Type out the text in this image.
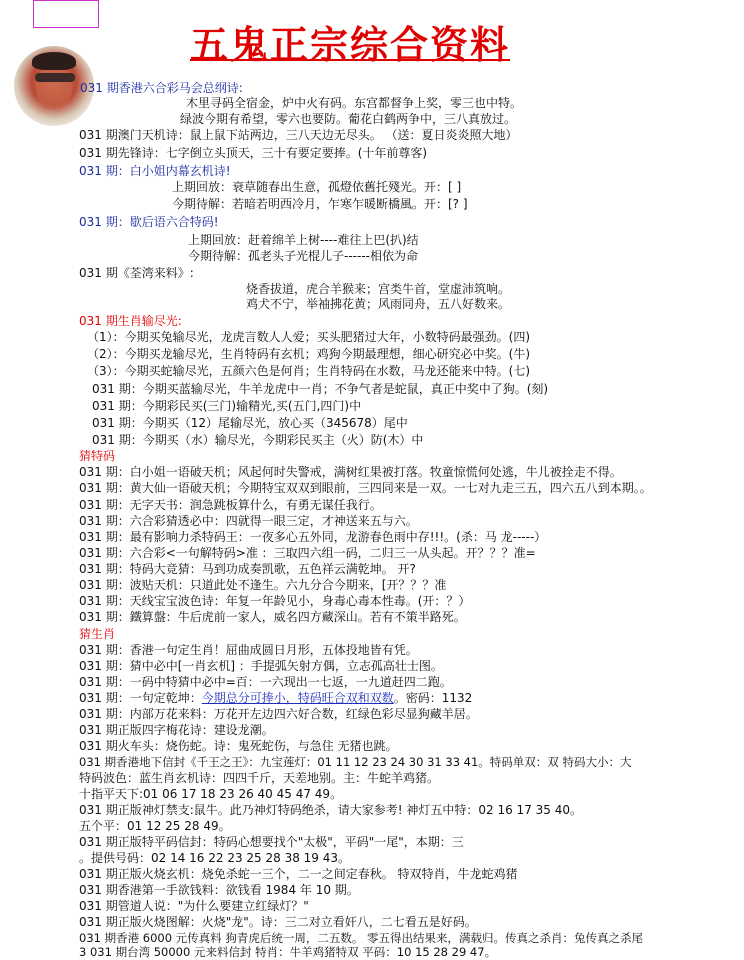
五鬼正宗综合资料
031 期香港六合彩马会总纲诗:
木里寻码全宿金，炉中火有码。东宫都督争上奖，零三也中特。
绿波今期有希望，零六也要防。葡花白鹤两争中，三八真放过。
031 期澳门天机诗：鼠上鼠下站两边，三八天边无尽头。 （送：夏日炎炎照大地）
031 期先锋诗：七字倒立头顶天，三十有要定要捧。(十年前尊客)
031 期：白小姐内幕玄机诗!
上期回放：衰草随春出生意，孤燈依舊托殘光。开：[ ]
今期待解：若暗若明西冷月，乍寒乍暖断橋風。开：[? ]
031 期：歇后语六合特码!
上期回放：赶着绵羊上树----难往上巴(扒)结
今期待解：孤老头子光棍儿子------相依为命
031 期《荃湾来料》:
烧香拔道，虎合羊猴来；宫类牛首，堂虚沛筑响。
鸡犬不宁，举袖拂花黄；风雨同舟，五八好数来。
031 期生肖输尽光:
（1）：今期买兔输尽光，龙虎言数人人爱；买头肥猪过大年，小数特码最强劲。(四)
（2）：今期买龙输尽光，生肖特码有玄机；鸡狗今期最理想，细心研究必中奖。(牛)
（3）：今期买蛇输尽光，五颜六色是何肖；生肖特码在水数，马龙还能来中特。(七)
031 期：今期买蓝输尽光，牛羊龙虎中一肖；不争气者是蛇鼠，真正中奖中了狗。(刻)
031 期：今期彩民买(三门)输精光,买(五门,四门)中
031 期：今期买（12）尾输尽光，放心买（345678）尾中
031 期：今期买（水）输尽光，今期彩民买主（火）防(木）中
猜特码
031 期：白小姐一语破天机；风起何时失警戒，满树红果被打落。牧童惊慌何处逃，牛儿被拴走不得。
031 期：黄大仙一语破天机；今期特宝双双到眼前，三四同来是一双。一七对九走三五，四六五八到本期。。
031 期：无字天书：润急跳板算什么，有勇无谋任我行。
031 期：六合彩猜透必中：四就得一眼三定，才神送来五与六。
031 期：最有影响力杀特码王：一夜多心五外同，龙游春色雨中存!!!。(杀：马 龙-----）
031 期：六合彩<一句解特码>准 ：三取四六组一码，二归三一从头起。开？？？准=
031 期：特码大竞猜：马到功成奏凯歌，五色祥云满乾坤。 开?
031 期：波贴天机：只道此处不逢生。六九分合今期来，[开？？？准
031 期：天线宝宝波色诗：年复一年龄见小，身毒心毒本性毒。(开：？）
031 期：鐵算盤：牛后虎前一家人，威名四方藏深山。若有不策半路死。
猜生肖
031 期：香港一句定生肖！屈曲成圆日月形，五体投地皆有凭。
031 期：猜中必中[一肖玄机] ：手提弧矢射方偶，立志孤高壮士图。
031 期：一码中特猜中必中=百：一六现出一七返，一九道赶四二跑。
031 期：一句定乾坤：今期总分可捧小，特码旺合双和双数。密码：1132
031 期：内部万花来料：万花开左边四六好合数，红绿色彩尽显狗藏羊居。
031 期正版四字梅花诗：建设龙潮。
031 期火车头：烧伤蛇。诗：鬼死蛇伤，与急住 无猪也跳。
031 期香港地下信封《千王之王》：九宝莲灯：01 11 12 23 24 30 31 33 41。特码单双：双 特码大小：大
特码波色：蓝生肖玄机诗：四四千斤，天差地别。主：牛蛇羊鸡猪。
十指平天下:01 06 17 18 23 26 40 45 47 49。
031 期正版神灯禁支:鼠牛。此乃神灯特码绝杀，请大家参考! 神灯五中特：02 16 17 35 40。
五个平：01 12 25 28 49。
031 期正版特平码信封：特码心想要找个"太极"，平码"一尾"，本期：三
。提供号码：02 14 16 22 23 25 28 38 19 43。
031 期正版火烧玄机：烧免杀蛇一三个，二一之间定春秋。 特双特肖，牛龙蛇鸡猪
031 期香港第一手欲钱料：欲钱看 1984 年 10 期。
031 期管道人说："为什么要建立红绿灯？"
031 期正版火烧图解：火烧"龙"。诗：三二对立看奸八，二七看五是好码。
031 期香港 6000 元传真料 狗青虎后统一周，二五数。 零五得出结果来，满载归。传真之杀肖：兔传真之杀尾
3 031 期台湾 50000 元来料信封 特肖：牛羊鸡猪特双 平码：10 15 28 29 47。
